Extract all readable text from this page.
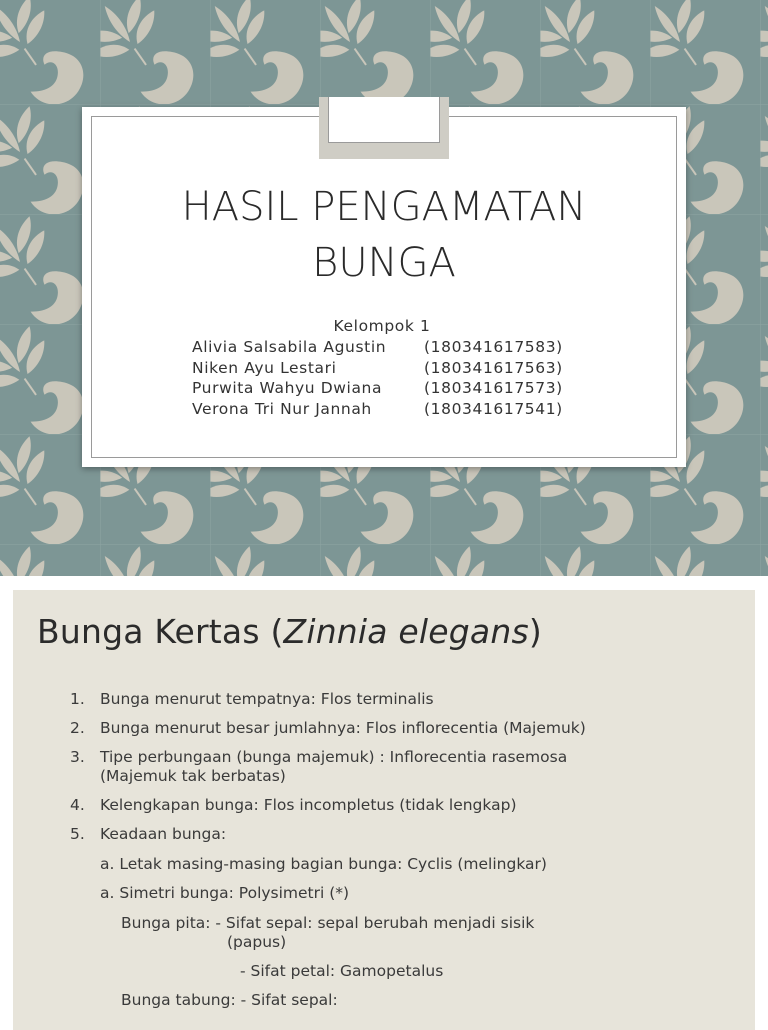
HASIL PENGAMATAN
BUNGA
Kelompok 1
Alivia Salsabila Agustin	(180341617583)
Niken Ayu Lestari	(180341617563)
Purwita Wahyu Dwiana	(180341617573)
Verona Tri Nur Jannah	(180341617541)
Bunga Kertas (Zinnia elegans)
1. Bunga menurut tempatnya: Flos terminalis
2. Bunga menurut besar jumlahnya: Flos inflorecentia (Majemuk)
3. Tipe perbungaan (bunga majemuk) : Inflorecentia rasemosa
(Majemuk tak berbatas)
4. Kelengkapan bunga: Flos incompletus (tidak lengkap)
5. Keadaan bunga:
a. Letak masing-masing bagian bunga: Cyclis (melingkar)
a. Simetri bunga: Polysimetri (*)
Bunga pita: - Sifat sepal: sepal berubah menjadi sisik
(papus)
- Sifat petal: Gamopetalus
Bunga tabung: - Sifat sepal:
